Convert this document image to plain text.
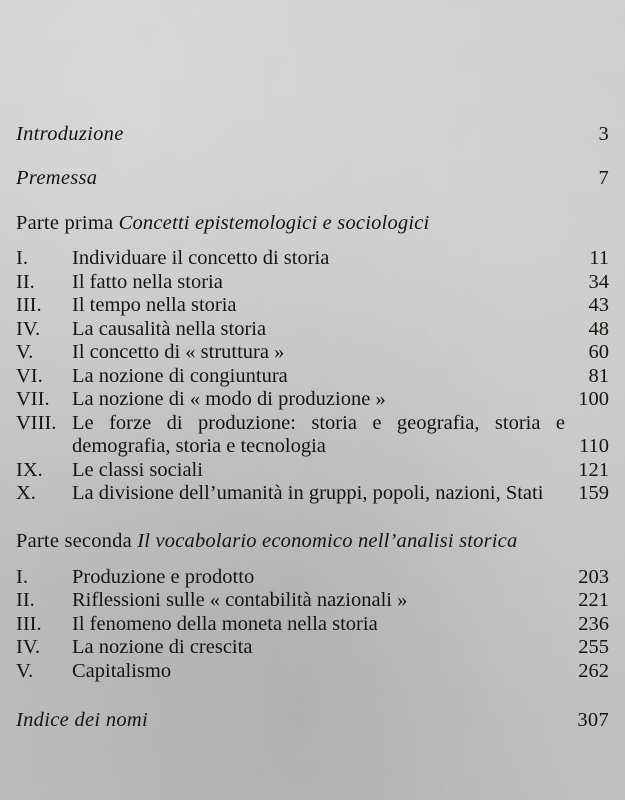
Introduzione	3
Premessa	7
Parte prima Concetti epistemologici e sociologici
I.	Individuare il concetto di storia	11
II.	Il fatto nella storia	34
III.	Il tempo nella storia	43
IV.	La causalità nella storia	48
V.	Il concetto di « struttura »	60
VI.	La nozione di congiuntura	81
VII.	La nozione di « modo di produzione »	100
VIII. Le forze di produzione: storia e geografia, storia e demografia, storia e tecnologia	110
IX.	Le classi sociali	121
X.	La divisione dell’umanità in gruppi, popoli, nazioni, Stati	159
Parte seconda Il vocabolario economico nell’analisi storica
I.	Produzione e prodotto	203
II.	Riflessioni sulle « contabilità nazionali »	221
III.	Il fenomeno della moneta nella storia	236
IV.	La nozione di crescita	255
V.	Capitalismo	262
Indice dei nomi	307
